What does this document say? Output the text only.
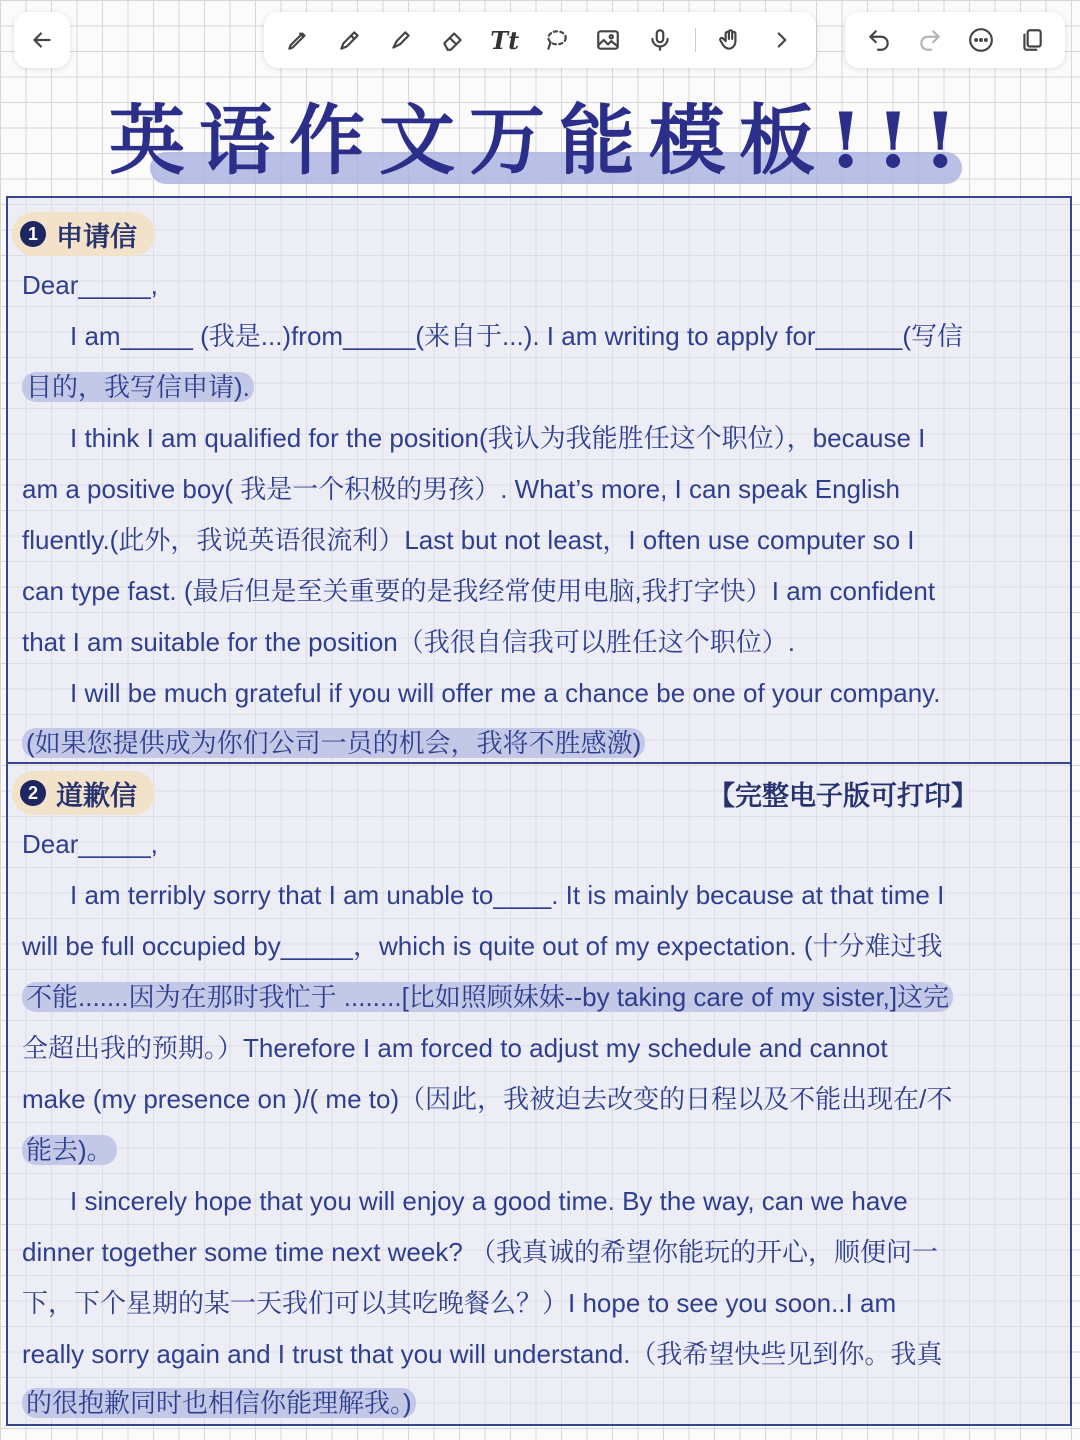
Tt
英语作文万能模板!!!
1 申请信
Dear_____,
I am_____ (我是...)from_____(来自于...). I am writing to apply for______(写信
目的，我写信申请).
I think I am qualified for the position(我认为我能胜任这个职位），because I
am a positive boy( 我是一个积极的男孩）. What’s more, I can speak English
fluently.(此外，我说英语很流利）Last but not least，I often use computer so I
can type fast. (最后但是至关重要的是我经常使用电脑,我打字快）I am confident
that I am suitable for the position（我很自信我可以胜任这个职位）.
I will be much grateful if you will offer me a chance be one of your company.
(如果您提供成为你们公司一员的机会，我将不胜感激)
2 道歉信	【完整电子版可打印】
Dear_____,
I am terribly sorry that I am unable to____. It is mainly because at that time I
will be full occupied by_____，which is quite out of my expectation. (十分难过我
不能.......因为在那时我忙于 ........[比如照顾妹妹--by taking care of my sister,]这完
全超出我的预期。）Therefore I am forced to adjust my schedule and cannot
make (my presence on )/( me to)（因此，我被迫去改变的日程以及不能出现在/不
能去)。
I sincerely hope that you will enjoy a good time. By the way, can we have
dinner together some time next week? （我真诚的希望你能玩的开心，顺便问一
下，下个星期的某一天我们可以其吃晚餐么？）I hope to see you soon..I am
really sorry again and I trust that you will understand.（我希望快些见到你。我真
的很抱歉同时也相信你能理解我。)
